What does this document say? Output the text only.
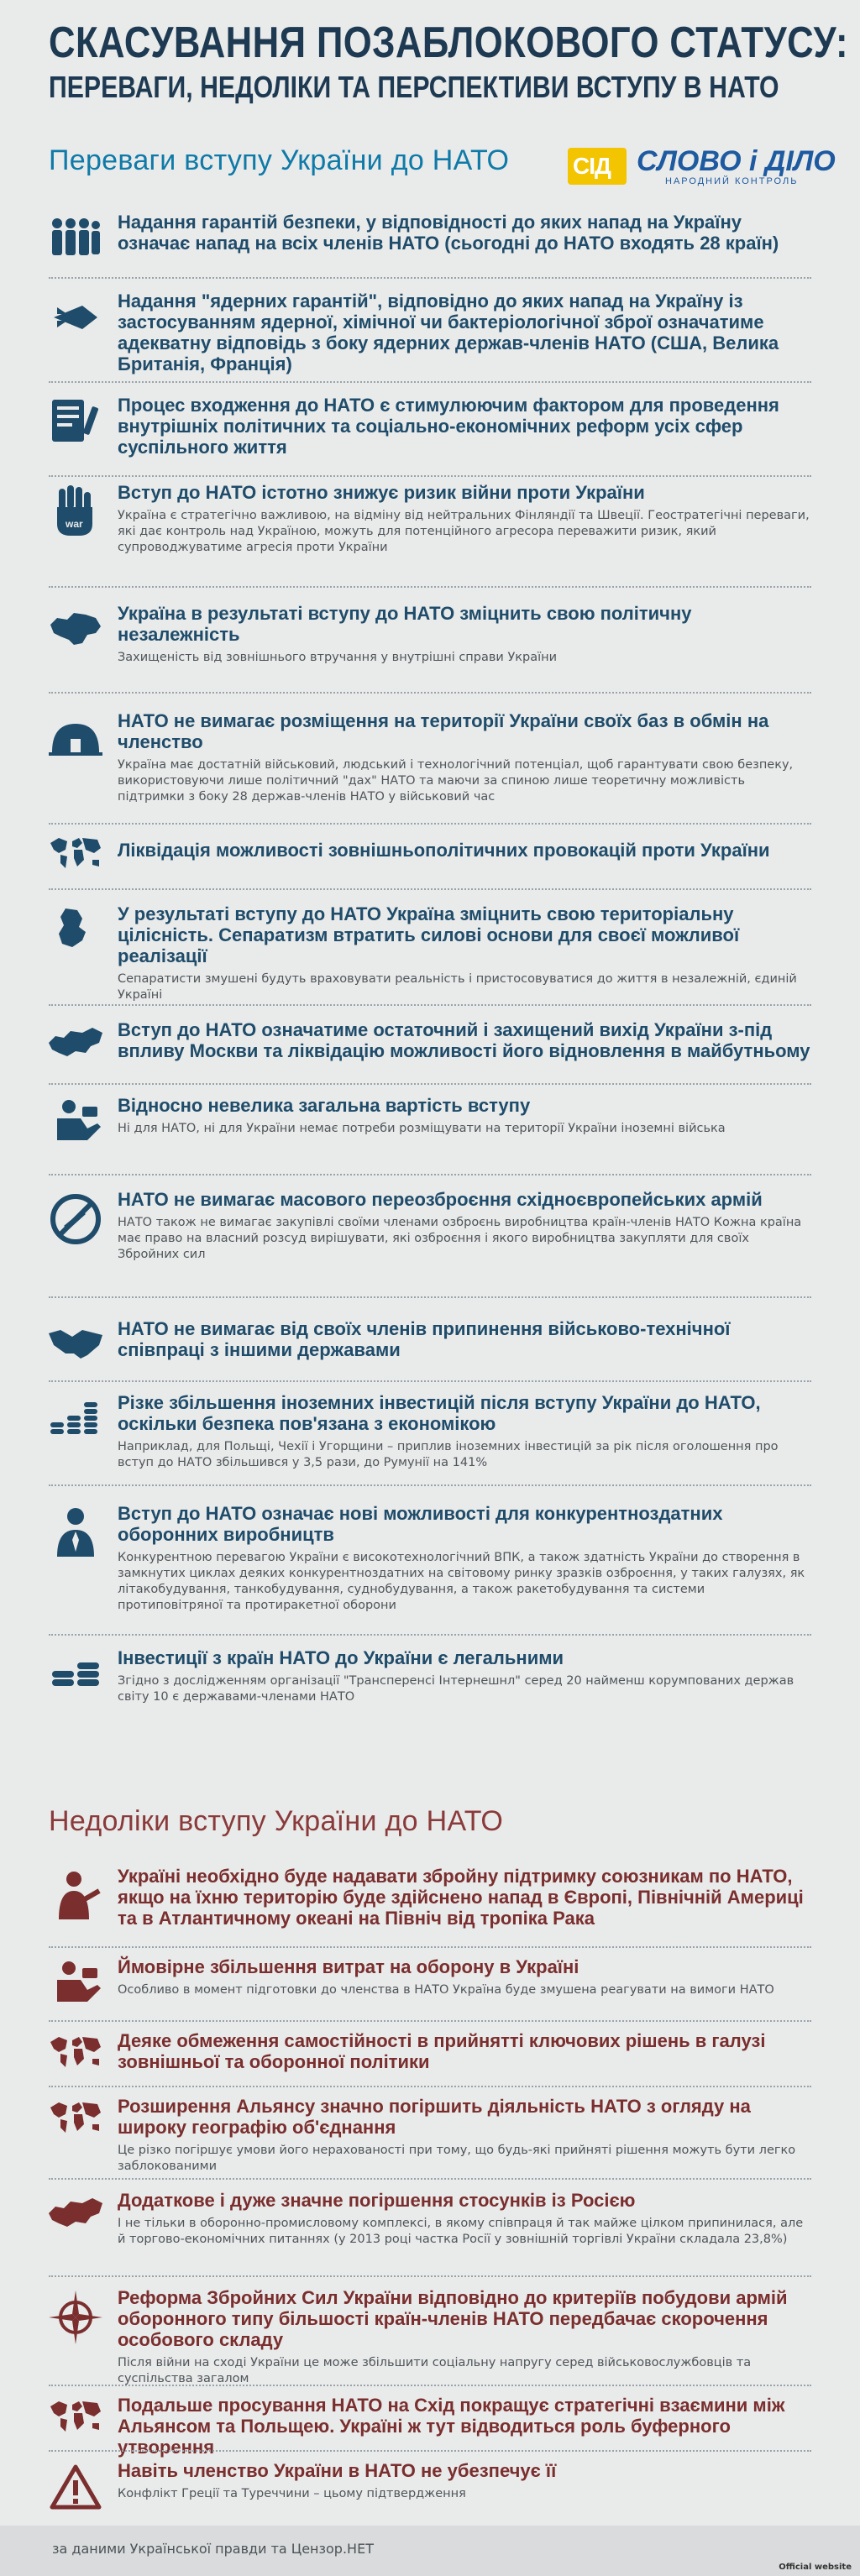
СКАСУВАННЯ ПОЗАБЛОКОВОГО СТАТУСУ:
ПЕРЕВАГИ, НЕДОЛІКИ ТА ПЕРСПЕКТИВИ ВСТУПУ В НАТО
Переваги вступу України до НАТО	СІД СЛОВО і ДІЛО
НАРОДНИЙ КОНТРОЛЬ
Надання гарантій безпеки, у відповідності до яких напад на Україну означає напад на всіх членів НАТО (сьогодні до НАТО входять 28 країн)
Надання "ядерних гарантій", відповідно до яких напад на Україну із застосуванням ядерної, хімічної чи бактеріологічної зброї означатиме адекватну відповідь з боку ядерних держав-членів НАТО (США, Велика Британія, Франція)
Процес входження до НАТО є стимулюючим фактором для проведення внутрішніх політичних та соціально-економічних реформ усіх сфер суспільного життя
war
Вступ до НАТО істотно знижує ризик війни проти України
Україна є стратегічно важливою, на відміну від нейтральних Фінляндії та Швеції. Геостратегічні переваги, які дає контроль над Україною, можуть для потенційного агресора переважити ризик, який супроводжуватиме агресія проти України
Україна в результаті вступу до НАТО зміцнить свою політичну незалежність
Захищеність від зовнішнього втручання у внутрішні справи України
НАТО не вимагає розміщення на території України своїх баз в обмін на членство
Україна має достатній військовий, людський і технологічний потенціал, щоб гарантувати свою безпеку, використовуючи лише політичний "дах" НАТО та маючи за спиною лише теоретичну можливість підтримки з боку 28 держав-членів НАТО у військовий час
Ліквідація можливості зовнішньополітичних провокацій проти України
У результаті вступу до НАТО Україна зміцнить свою територіальну цілісність. Сепаратизм втратить силові основи для своєї можливої реалізації
Сепаратисти змушені будуть враховувати реальність і пристосовуватися до життя в незалежній, єдиній Україні
Вступ до НАТО означатиме остаточний і захищений вихід України з-під впливу Москви та ліквідацію можливості його відновлення в майбутньому
Відносно невелика загальна вартість вступу
Ні для НАТО, ні для України немає потреби розміщувати на території України іноземні війська
НАТО не вимагає масового переозброєння східноєвропейських армій
НАТО також не вимагає закупівлі своїми членами озброєнь виробництва країн-членів НАТО Кожна країна має право на власний розсуд вирішувати, які озброєння і якого виробництва закупляти для своїх Збройних сил
НАТО не вимагає від своїх членів припинення військово-технічної співпраці з іншими державами
Різке збільшення іноземних інвестицій після вступу України до НАТО, оскільки безпека пов'язана з економікою
Наприклад, для Польщі, Чехії і Угорщини – приплив іноземних інвестицій за рік після оголошення про вступ до НАТО збільшився у 3,5 рази, до Румунії на 141%
Вступ до НАТО означає нові можливості для конкурентноздатних оборонних виробництв
Конкурентною перевагою України є високотехнологічний ВПК, а також здатність України до створення в замкнутих циклах деяких конкурентноздатних на світовому ринку зразків озброєння, у таких галузях, як літакобудування, танкобудування, суднобудування, а також ракетобудування та системи протиповітряної та протиракетної оборони
Інвестиції з країн НАТО до України є легальними
Згідно з дослідженням організації "Трансперенсі Інтернешнл" серед 20 найменш корумпованих держав світу 10 є державами-членами НАТО
Недоліки вступу України до НАТО
Україні необхідно буде надавати збройну підтримку союзникам по НАТО, якщо на їхню територію буде здійснено напад в Європі, Північній Америці та в Атлантичному океані на Північ від тропіка Рака
Ймовірне збільшення витрат на оборону в Україні
Особливо в момент підготовки до членства в НАТО Україна буде змушена реагувати на вимоги НАТО
Деяке обмеження самостійності в прийнятті ключових рішень в галузі зовнішньої та оборонної політики
Розширення Альянсу значно погіршить діяльність НАТО з огляду на широку географію об'єднання
Це різко погіршує умови його нерахованості при тому, що будь-які прийняті рішення можуть бути легко заблокованими
Додаткове і дуже значне погіршення стосунків із Росією
І не тільки в оборонно-промисловому комплексі, в якому співпраця й так майже цілком припинилася, але й торгово-економічних питаннях (у 2013 році частка Росії у зовнішній торгівлі України складала 23,8%)
Реформа Збройних Сил України відповідно до критеріїв побудови армій оборонного типу більшості країн-членів НАТО передбачає скорочення особового складу
Після війни на сході України це може збільшити соціальну напругу серед військовослужбовців та суспільства загалом
Подальше просування НАТО на Схід покращує стратегічні взаємини між Альянсом та Польщею. Україні ж тут відводиться роль буферного утворення
Навіть членство України в НАТО не убезпечує її
Конфлікт Греції та Туреччини – цьому підтвердження
за даними Української правди та Цензор.НЕТ
Official website
